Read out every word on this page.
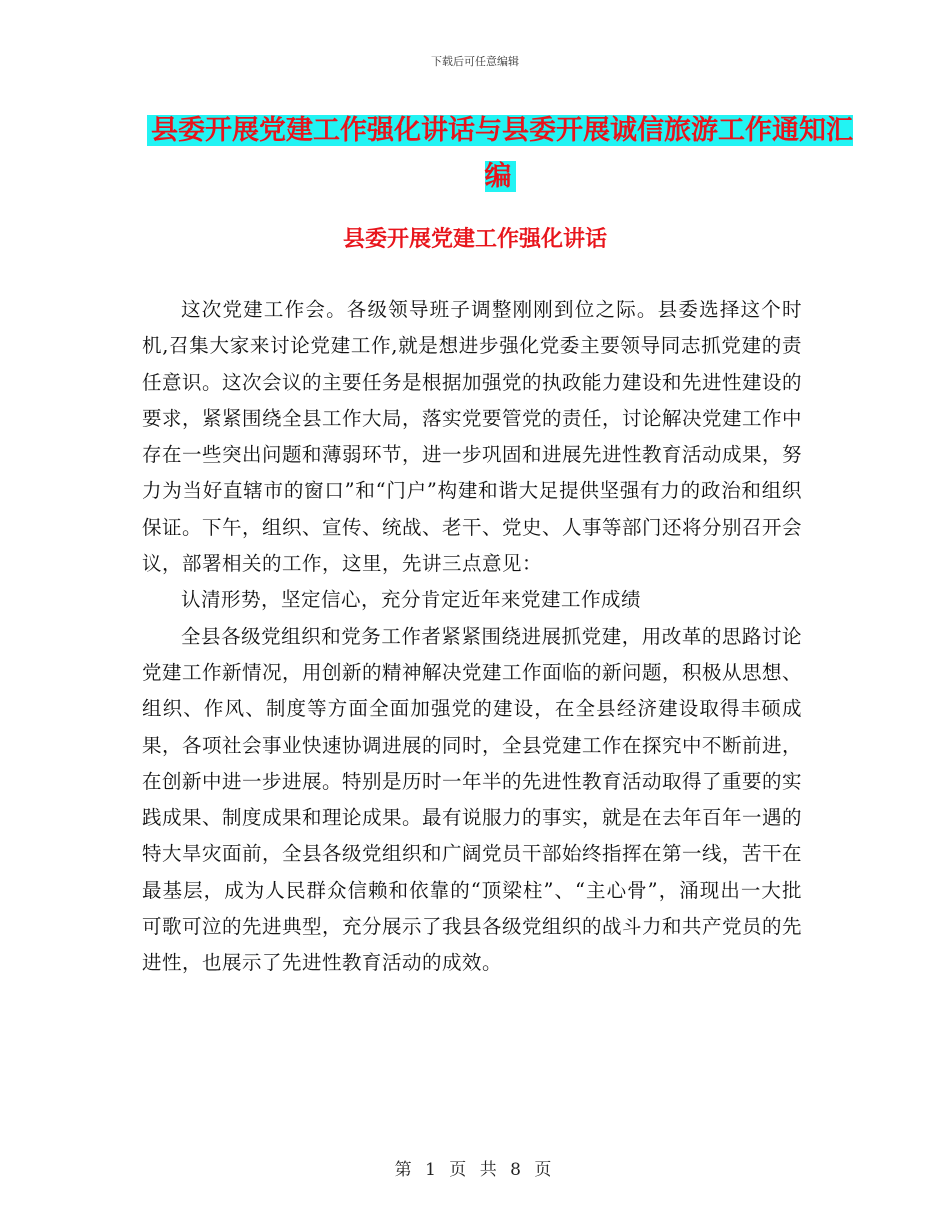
下载后可任意编辑
县委开展党建工作强化讲话与县委开展诚信旅游工作通知汇编
县委开展党建工作强化讲话

这次党建工作会。各级领导班子调整刚刚到位之际。县委选择这个时机,召集大家来讨论党建工作,就是想进步强化党委主要领导同志抓党建的责任意识。这次会议的主要任务是根据加强党的执政能力建设和先进性建设的要求，紧紧围绕全县工作大局，落实党要管党的责任，讨论解决党建工作中存在一些突出问题和薄弱环节，进一步巩固和进展先进性教育活动成果，努力为当好直辖市的窗口”和“门户”构建和谐大足提供坚强有力的政治和组织保证。下午，组织、宣传、统战、老干、党史、人事等部门还将分别召开会议，部署相关的工作，这里，先讲三点意见：

认清形势，坚定信心，充分肯定近年来党建工作成绩

全县各级党组织和党务工作者紧紧围绕进展抓党建，用改革的思路讨论党建工作新情况，用创新的精神解决党建工作面临的新问题，积极从思想、组织、作风、制度等方面全面加强党的建设，在全县经济建设取得丰硕成果，各项社会事业快速协调进展的同时，全县党建工作在探究中不断前进，在创新中进一步进展。特别是历时一年半的先进性教育活动取得了重要的实践成果、制度成果和理论成果。最有说服力的事实，就是在去年百年一遇的特大旱灾面前，全县各级党组织和广阔党员干部始终指挥在第一线，苦干在最基层，成为人民群众信赖和依靠的“顶梁柱”、“主心骨”，涌现出一大批可歌可泣的先进典型，充分展示了我县各级党组织的战斗力和共产党员的先进性，也展示了先进性教育活动的成效。

第 1 页 共 8 页
